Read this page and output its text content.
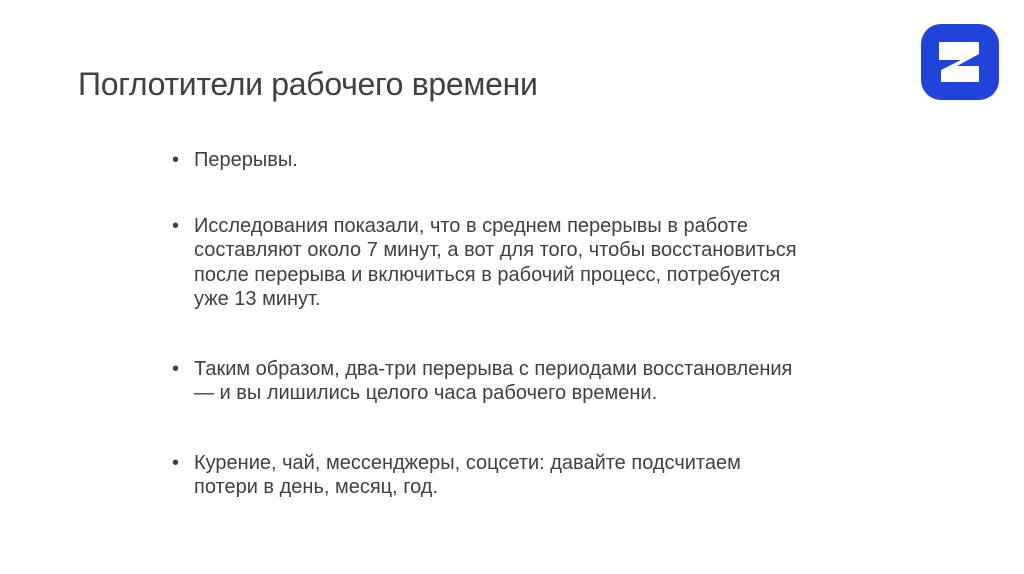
Поглотители рабочего времени
• Перерывы.
• Исследования показали, что в среднем перерывы в работе составляют около 7 минут, а вот для того, чтобы восстановиться после перерыва и включиться в рабочий процесс, потребуется уже 13 минут.
• Таким образом, два-три перерыва с периодами восстановления — и вы лишились целого часа рабочего времени.
• Курение, чай, мессенджеры, соцсети: давайте подсчитаем потери в день, месяц, год.
